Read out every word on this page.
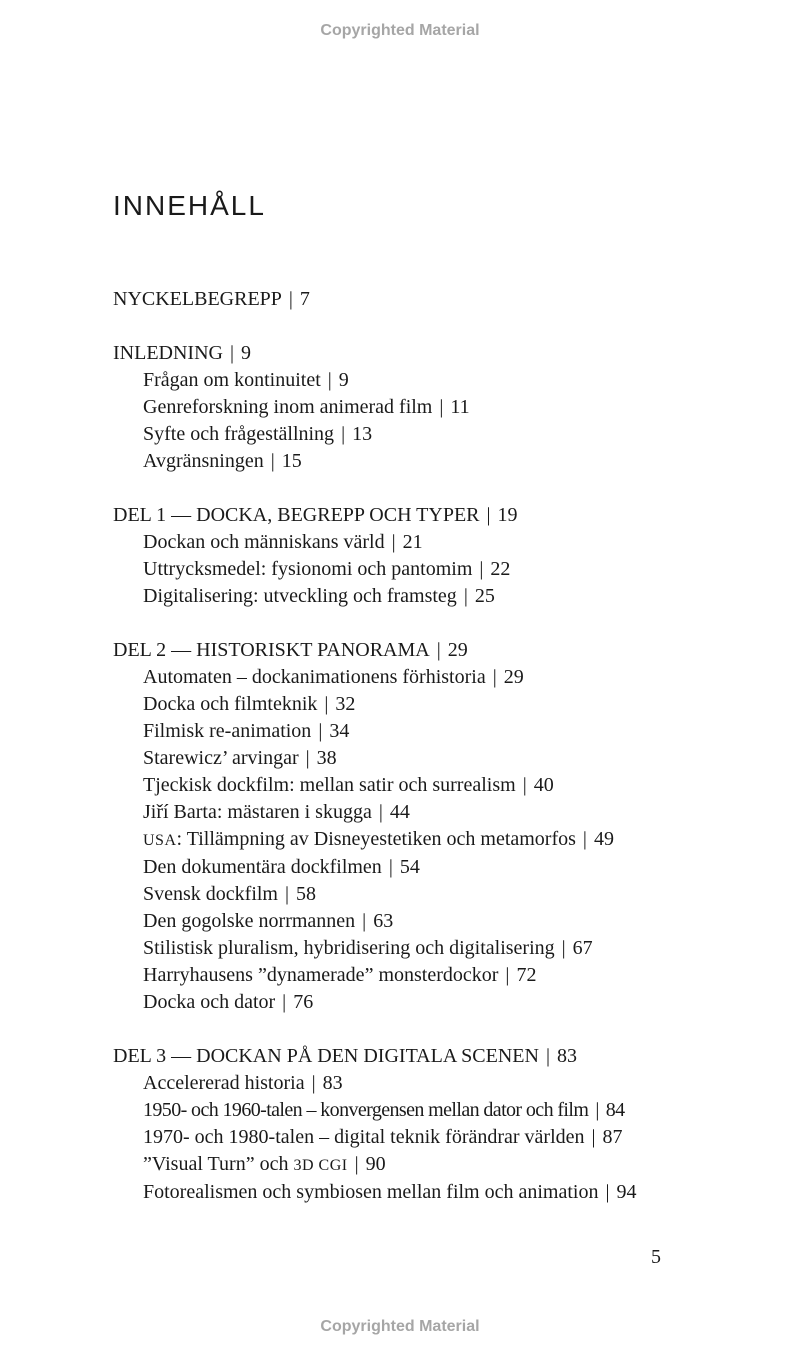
Copyrighted Material
INNEHÅLL
NYCKELBEGREPP | 7
INLEDNING | 9
Frågan om kontinuitet | 9
Genreforskning inom animerad film | 11
Syfte och frågeställning | 13
Avgränsningen | 15
DEL 1 — DOCKA, BEGREPP OCH TYPER | 19
Dockan och människans värld | 21
Uttrycksmedel: fysionomi och pantomim | 22
Digitalisering: utveckling och framsteg | 25
DEL 2 — HISTORISKT PANORAMA | 29
Automaten – dockanimationens förhistoria | 29
Docka och filmteknik | 32
Filmisk re-animation | 34
Starewicz’ arvingar | 38
Tjeckisk dockfilm: mellan satir och surrealism | 40
Jiří Barta: mästaren i skugga | 44
USA: Tillämpning av Disneyestetiken och metamorfos | 49
Den dokumentära dockfilmen | 54
Svensk dockfilm | 58
Den gogolske norrmannen | 63
Stilistisk pluralism, hybridisering och digitalisering | 67
Harryhausens ”dynamerade” monsterdockor | 72
Docka och dator | 76
DEL 3 — DOCKAN PÅ DEN DIGITALA SCENEN | 83
Accelererad historia | 83
1950- och 1960-talen – konvergensen mellan dator och film | 84
1970- och 1980-talen – digital teknik förändrar världen | 87
”Visual Turn” och 3D CGI | 90
Fotorealismen och symbiosen mellan film och animation | 94
5
Copyrighted Material
